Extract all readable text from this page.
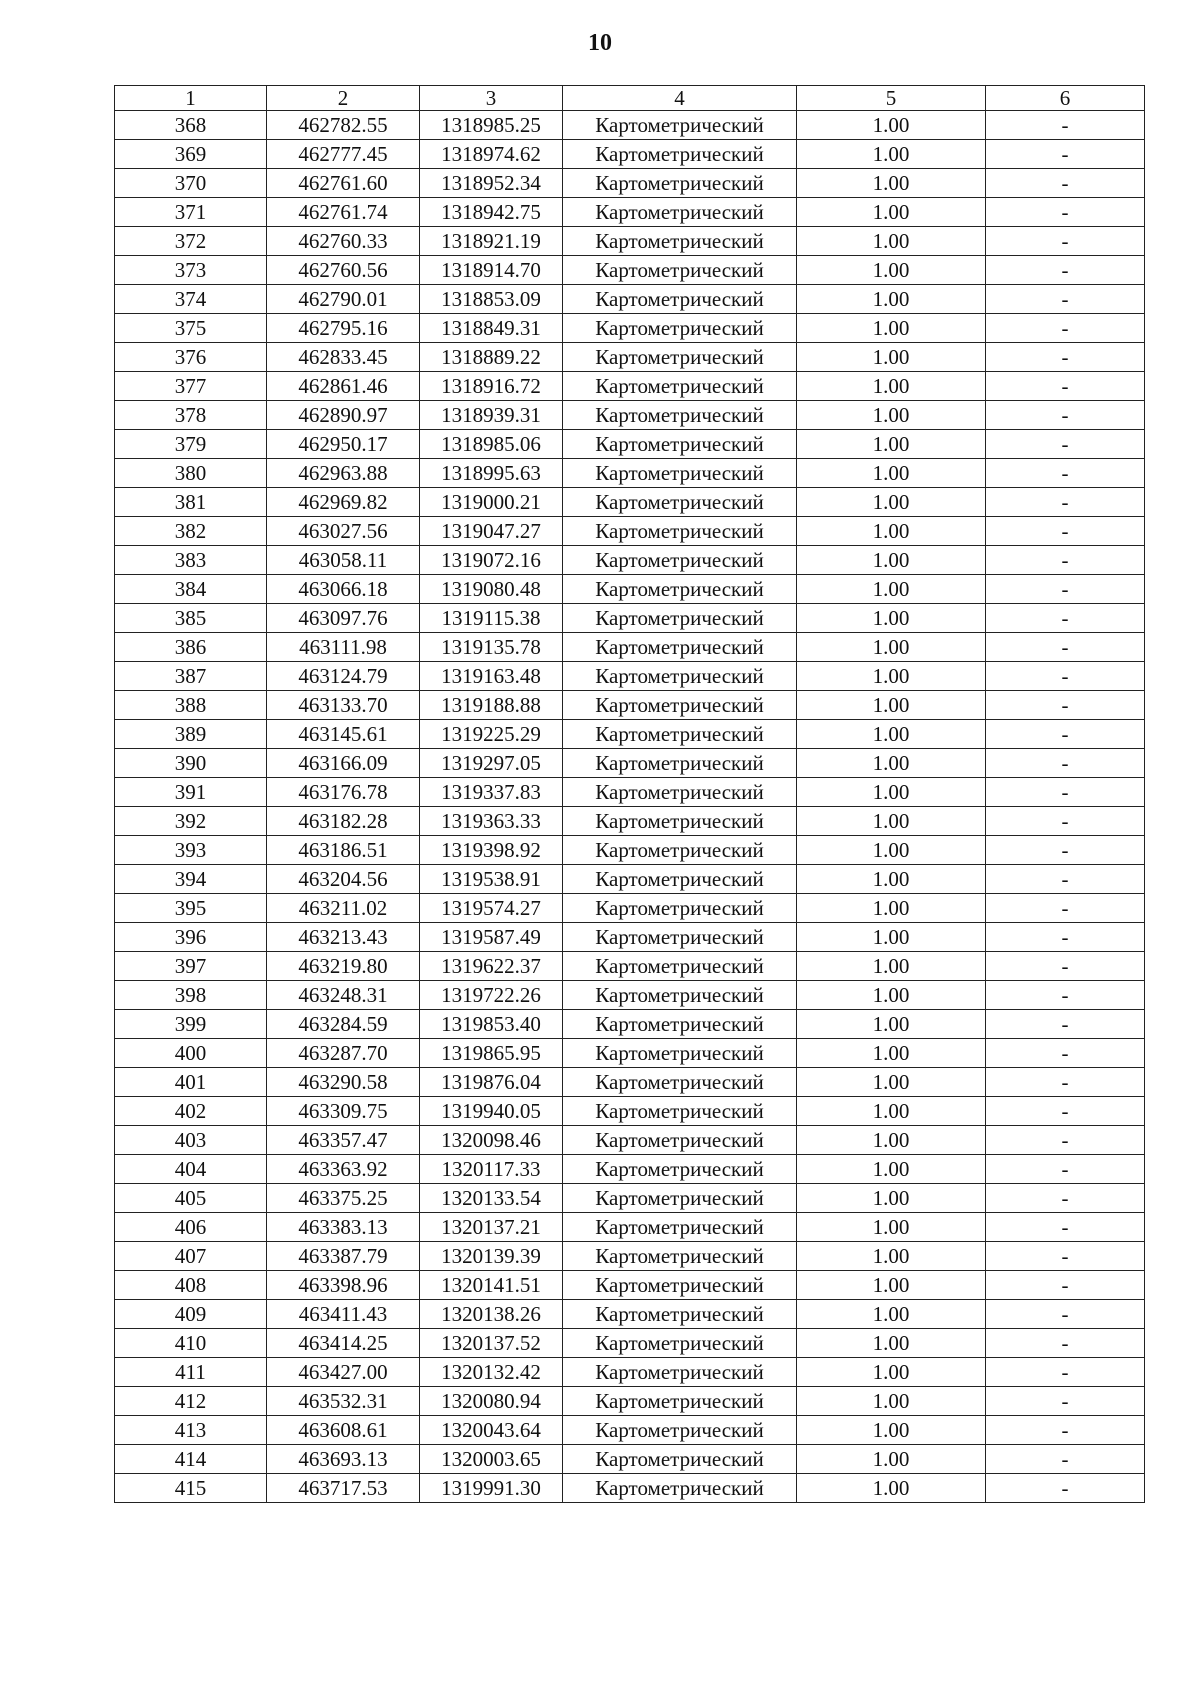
10
1	2	3	4	5	6
368	462782.55	1318985.25	Картометрический	1.00	-
369	462777.45	1318974.62	Картометрический	1.00	-
370	462761.60	1318952.34	Картометрический	1.00	-
371	462761.74	1318942.75	Картометрический	1.00	-
372	462760.33	1318921.19	Картометрический	1.00	-
373	462760.56	1318914.70	Картометрический	1.00	-
374	462790.01	1318853.09	Картометрический	1.00	-
375	462795.16	1318849.31	Картометрический	1.00	-
376	462833.45	1318889.22	Картометрический	1.00	-
377	462861.46	1318916.72	Картометрический	1.00	-
378	462890.97	1318939.31	Картометрический	1.00	-
379	462950.17	1318985.06	Картометрический	1.00	-
380	462963.88	1318995.63	Картометрический	1.00	-
381	462969.82	1319000.21	Картометрический	1.00	-
382	463027.56	1319047.27	Картометрический	1.00	-
383	463058.11	1319072.16	Картометрический	1.00	-
384	463066.18	1319080.48	Картометрический	1.00	-
385	463097.76	1319115.38	Картометрический	1.00	-
386	463111.98	1319135.78	Картометрический	1.00	-
387	463124.79	1319163.48	Картометрический	1.00	-
388	463133.70	1319188.88	Картометрический	1.00	-
389	463145.61	1319225.29	Картометрический	1.00	-
390	463166.09	1319297.05	Картометрический	1.00	-
391	463176.78	1319337.83	Картометрический	1.00	-
392	463182.28	1319363.33	Картометрический	1.00	-
393	463186.51	1319398.92	Картометрический	1.00	-
394	463204.56	1319538.91	Картометрический	1.00	-
395	463211.02	1319574.27	Картометрический	1.00	-
396	463213.43	1319587.49	Картометрический	1.00	-
397	463219.80	1319622.37	Картометрический	1.00	-
398	463248.31	1319722.26	Картометрический	1.00	-
399	463284.59	1319853.40	Картометрический	1.00	-
400	463287.70	1319865.95	Картометрический	1.00	-
401	463290.58	1319876.04	Картометрический	1.00	-
402	463309.75	1319940.05	Картометрический	1.00	-
403	463357.47	1320098.46	Картометрический	1.00	-
404	463363.92	1320117.33	Картометрический	1.00	-
405	463375.25	1320133.54	Картометрический	1.00	-
406	463383.13	1320137.21	Картометрический	1.00	-
407	463387.79	1320139.39	Картометрический	1.00	-
408	463398.96	1320141.51	Картометрический	1.00	-
409	463411.43	1320138.26	Картометрический	1.00	-
410	463414.25	1320137.52	Картометрический	1.00	-
411	463427.00	1320132.42	Картометрический	1.00	-
412	463532.31	1320080.94	Картометрический	1.00	-
413	463608.61	1320043.64	Картометрический	1.00	-
414	463693.13	1320003.65	Картометрический	1.00	-
415	463717.53	1319991.30	Картометрический	1.00	-
